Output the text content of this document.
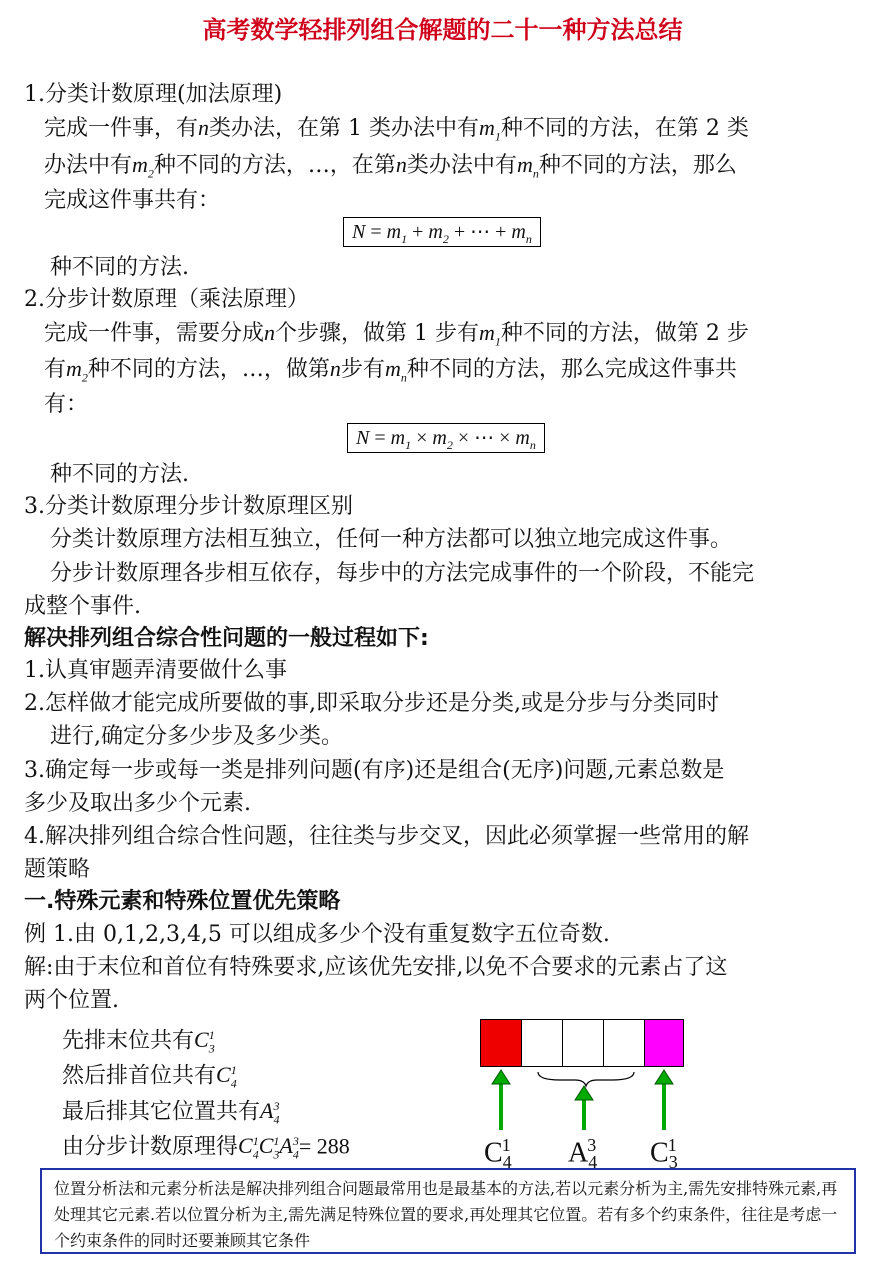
高考数学轻排列组合解题的二十一种方法总结
1.分类计数原理(加法原理)
完成一件事，有n类办法，在第 1 类办法中有$m_1$种不同的方法，在第 2 类
办法中有$m_2$种不同的方法，…，在第n类办法中有$m_n$种不同的方法，那么
完成这件事共有：
$N = m_1 + m_2$ + ⋯ + $m_n$
种不同的方法.
2.分步计数原理（乘法原理）
完成一件事，需要分成n个步骤，做第 1 步有$m_1$种不同的方法，做第 2 步
有$m_2$种不同的方法，…，做第n步有$m_n$种不同的方法，那么完成这件事共
有：
$N = m_1 \times m_2$ × ⋯ × $m_n$
种不同的方法.
3.分类计数原理分步计数原理区别
分类计数原理方法相互独立，任何一种方法都可以独立地完成这件事。
分步计数原理各步相互依存，每步中的方法完成事件的一个阶段，不能完
成整个事件.
解决排列组合综合性问题的一般过程如下:
1.认真审题弄清要做什么事
2.怎样做才能完成所要做的事,即采取分步还是分类,或是分步与分类同时
进行,确定分多少步及多少类。
3.确定每一步或每一类是排列问题(有序)还是组合(无序)问题,元素总数是
多少及取出多少个元素.
4.解决排列组合综合性问题，往往类与步交叉，因此必须掌握一些常用的解
题策略
一.特殊元素和特殊位置优先策略
例 1.由 0,1,2,3,4,5 可以组成多少个没有重复数字五位奇数.
解:由于末位和首位有特殊要求,应该优先安排,以免不合要求的元素占了这
两个位置.
先排末位共有$C_3^1$
然后排首位共有$C_4^1$
最后排其它位置共有$A_4^3$
由分步计数原理得$C_4^1C_3^1A_4^3= 288$	$C_4^1$ $A_4^3$ $C_3^1$
位置分析法和元素分析法是解决排列组合问题最常用也是最基本的方法,若以元素分析为主,需先安排特殊元素,再处理其它元素.若以位置分析为主,需先满足特殊位置的要求,再处理其它位置。若有多个约束条件，往往是考虑一个约束条件的同时还要兼顾其它条件
